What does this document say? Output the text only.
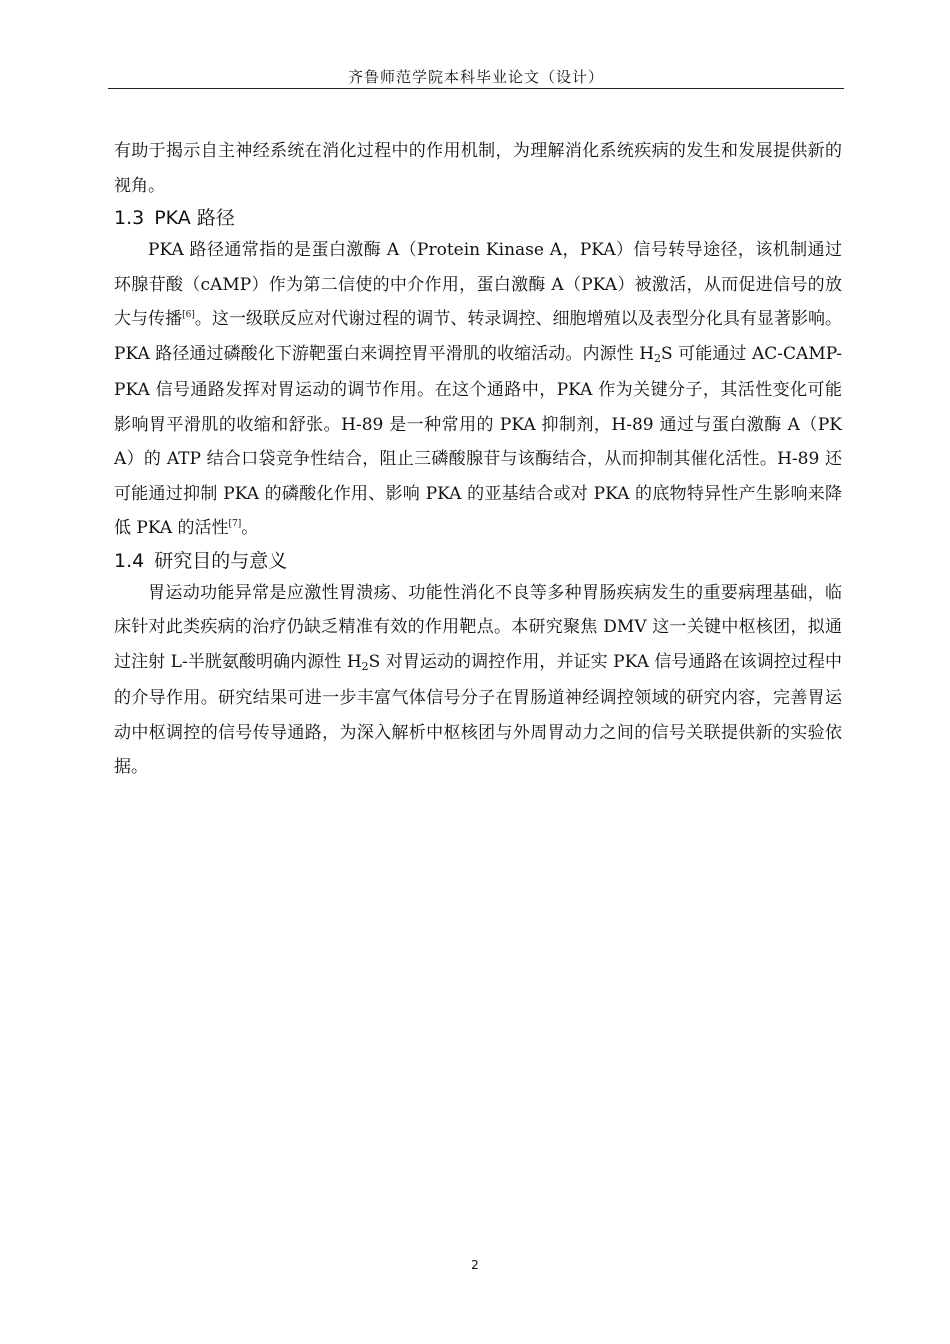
齐鲁师范学院本科毕业论文（设计）

有助于揭示自主神经系统在消化过程中的作用机制，为理解消化系统疾病的发生和发展提供新的视角。

1.3 PKA 路径

PKA 路径通常指的是蛋白激酶 A（Protein Kinase A，PKA）信号转导途径，该机制通过环腺苷酸（cAMP）作为第二信使的中介作用，蛋白激酶 A（PKA）被激活，从而促进信号的放大与传播[6]。这一级联反应对代谢过程的调节、转录调控、细胞增殖以及表型分化具有显著影响。PKA 路径通过磷酸化下游靶蛋白来调控胃平滑肌的收缩活动。内源性 $H_2S$ 可能通过 AC-CAMP-PKA 信号通路发挥对胃运动的调节作用。在这个通路中，PKA 作为关键分子，其活性变化可能影响胃平滑肌的收缩和舒张。H-89 是一种常用的 PKA 抑制剂，H-89 通过与蛋白激酶 A（PKA）的 ATP 结合口袋竞争性结合，阻止三磷酸腺苷与该酶结合，从而抑制其催化活性。H-89 还可能通过抑制 PKA 的磷酸化作用、影响 PKA 的亚基结合或对 PKA 的底物特异性产生影响来降低 PKA 的活性[7]。

1.4 研究目的与意义

胃运动功能异常是应激性胃溃疡、功能性消化不良等多种胃肠疾病发生的重要病理基础，临床针对此类疾病的治疗仍缺乏精准有效的作用靶点。本研究聚焦 DMV 这一关键中枢核团，拟通过注射 L-半胱氨酸明确内源性 $H_2S$ 对胃运动的调控作用，并证实 PKA 信号通路在该调控过程中的介导作用。研究结果可进一步丰富气体信号分子在胃肠道神经调控领域的研究内容，完善胃运动中枢调控的信号传导通路，为深入解析中枢核团与外周胃动力之间的信号关联提供新的实验依据。

2
